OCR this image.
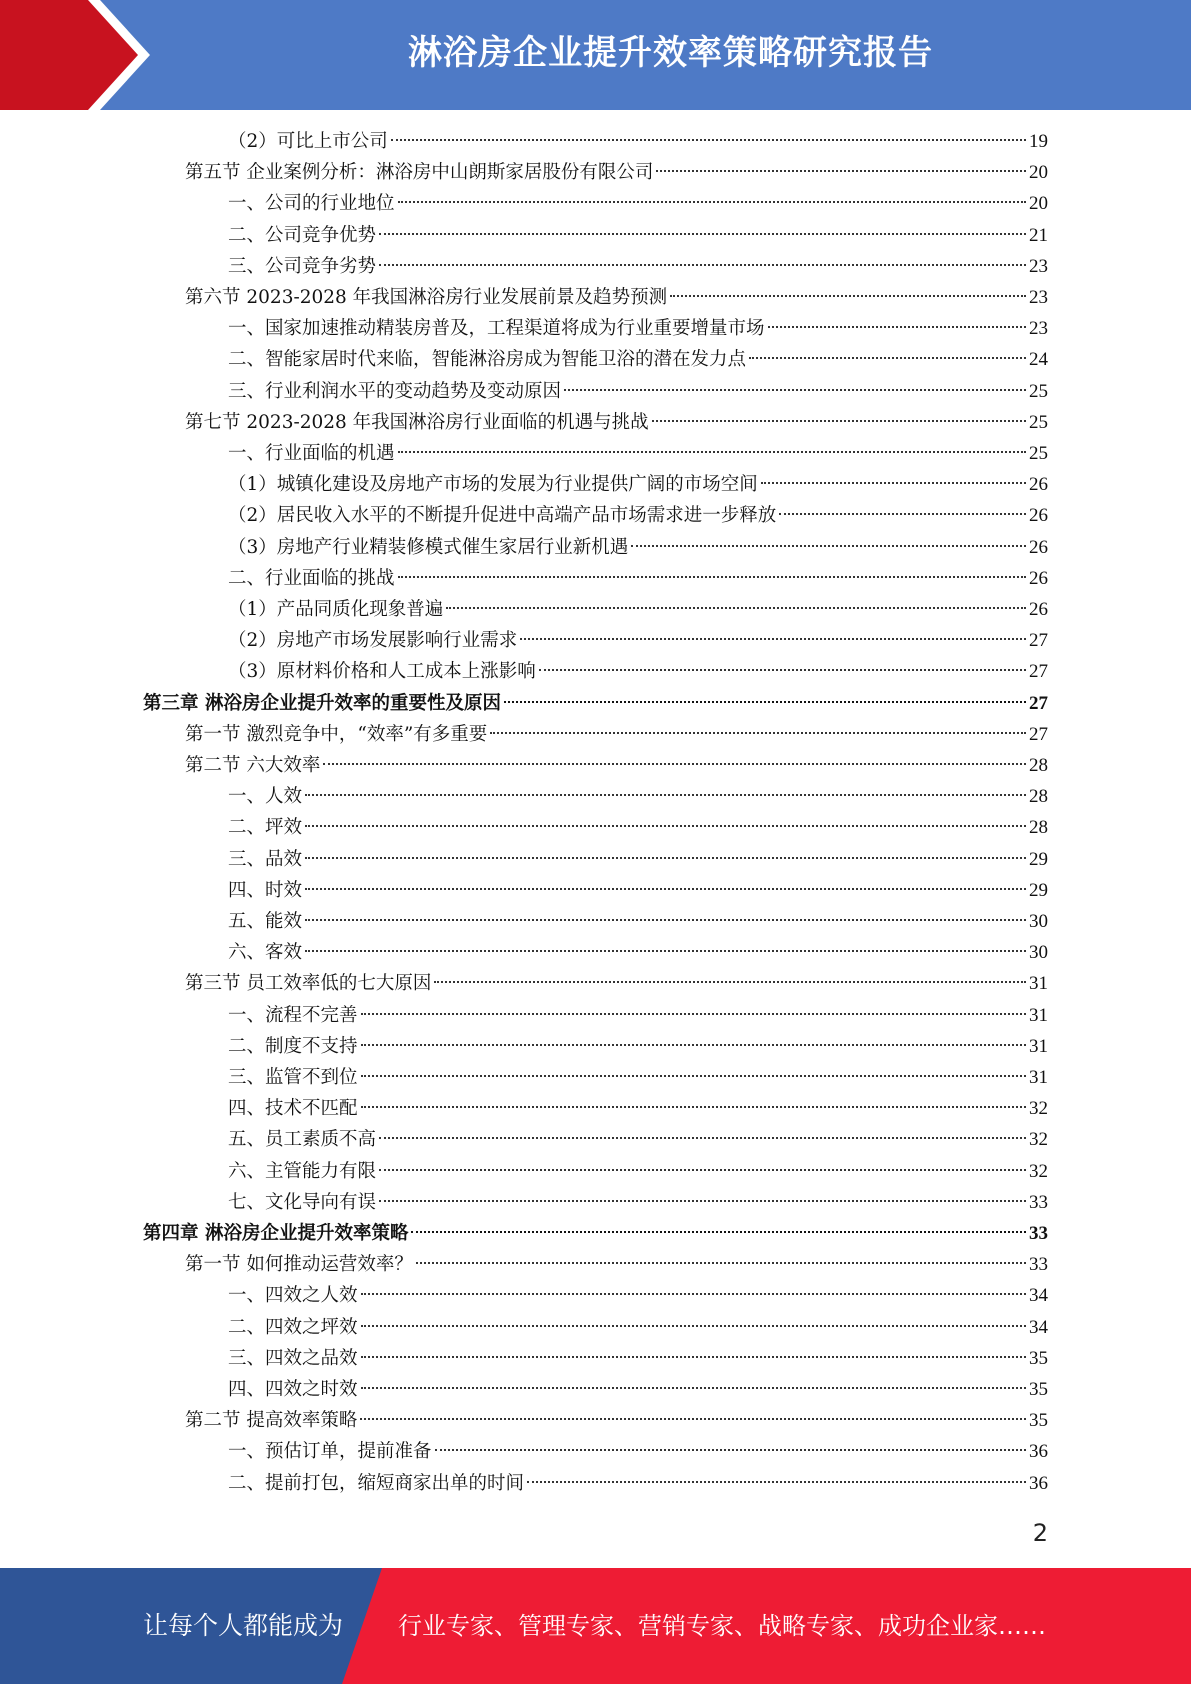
淋浴房企业提升效率策略研究报告
（2）可比上市公司	19
第五节 企业案例分析：淋浴房中山朗斯家居股份有限公司	20
一、公司的行业地位	20
二、公司竞争优势	21
三、公司竞争劣势	23
第六节 2023-2028 年我国淋浴房行业发展前景及趋势预测	23
一、国家加速推动精装房普及，工程渠道将成为行业重要增量市场	23
二、智能家居时代来临，智能淋浴房成为智能卫浴的潜在发力点	24
三、行业利润水平的变动趋势及变动原因	25
第七节 2023-2028 年我国淋浴房行业面临的机遇与挑战	25
一、行业面临的机遇	25
（1）城镇化建设及房地产市场的发展为行业提供广阔的市场空间	26
（2）居民收入水平的不断提升促进中高端产品市场需求进一步释放	26
（3）房地产行业精装修模式催生家居行业新机遇	26
二、行业面临的挑战	26
（1）产品同质化现象普遍	26
（2）房地产市场发展影响行业需求	27
（3）原材料价格和人工成本上涨影响	27
第三章 淋浴房企业提升效率的重要性及原因	27
第一节 激烈竞争中，“效率”有多重要	27
第二节 六大效率	28
一、人效	28
二、坪效	28
三、品效	29
四、时效	29
五、能效	30
六、客效	30
第三节 员工效率低的七大原因	31
一、流程不完善	31
二、制度不支持	31
三、监管不到位	31
四、技术不匹配	32
五、员工素质不高	32
六、主管能力有限	32
七、文化导向有误	33
第四章 淋浴房企业提升效率策略	33
第一节 如何推动运营效率？	33
一、四效之人效	34
二、四效之坪效	34
三、四效之品效	35
四、四效之时效	35
第二节 提高效率策略	35
一、预估订单，提前准备	36
二、提前打包，缩短商家出单的时间	36
2
让每个人都能成为 行业专家、管理专家、营销专家、战略专家、成功企业家……
